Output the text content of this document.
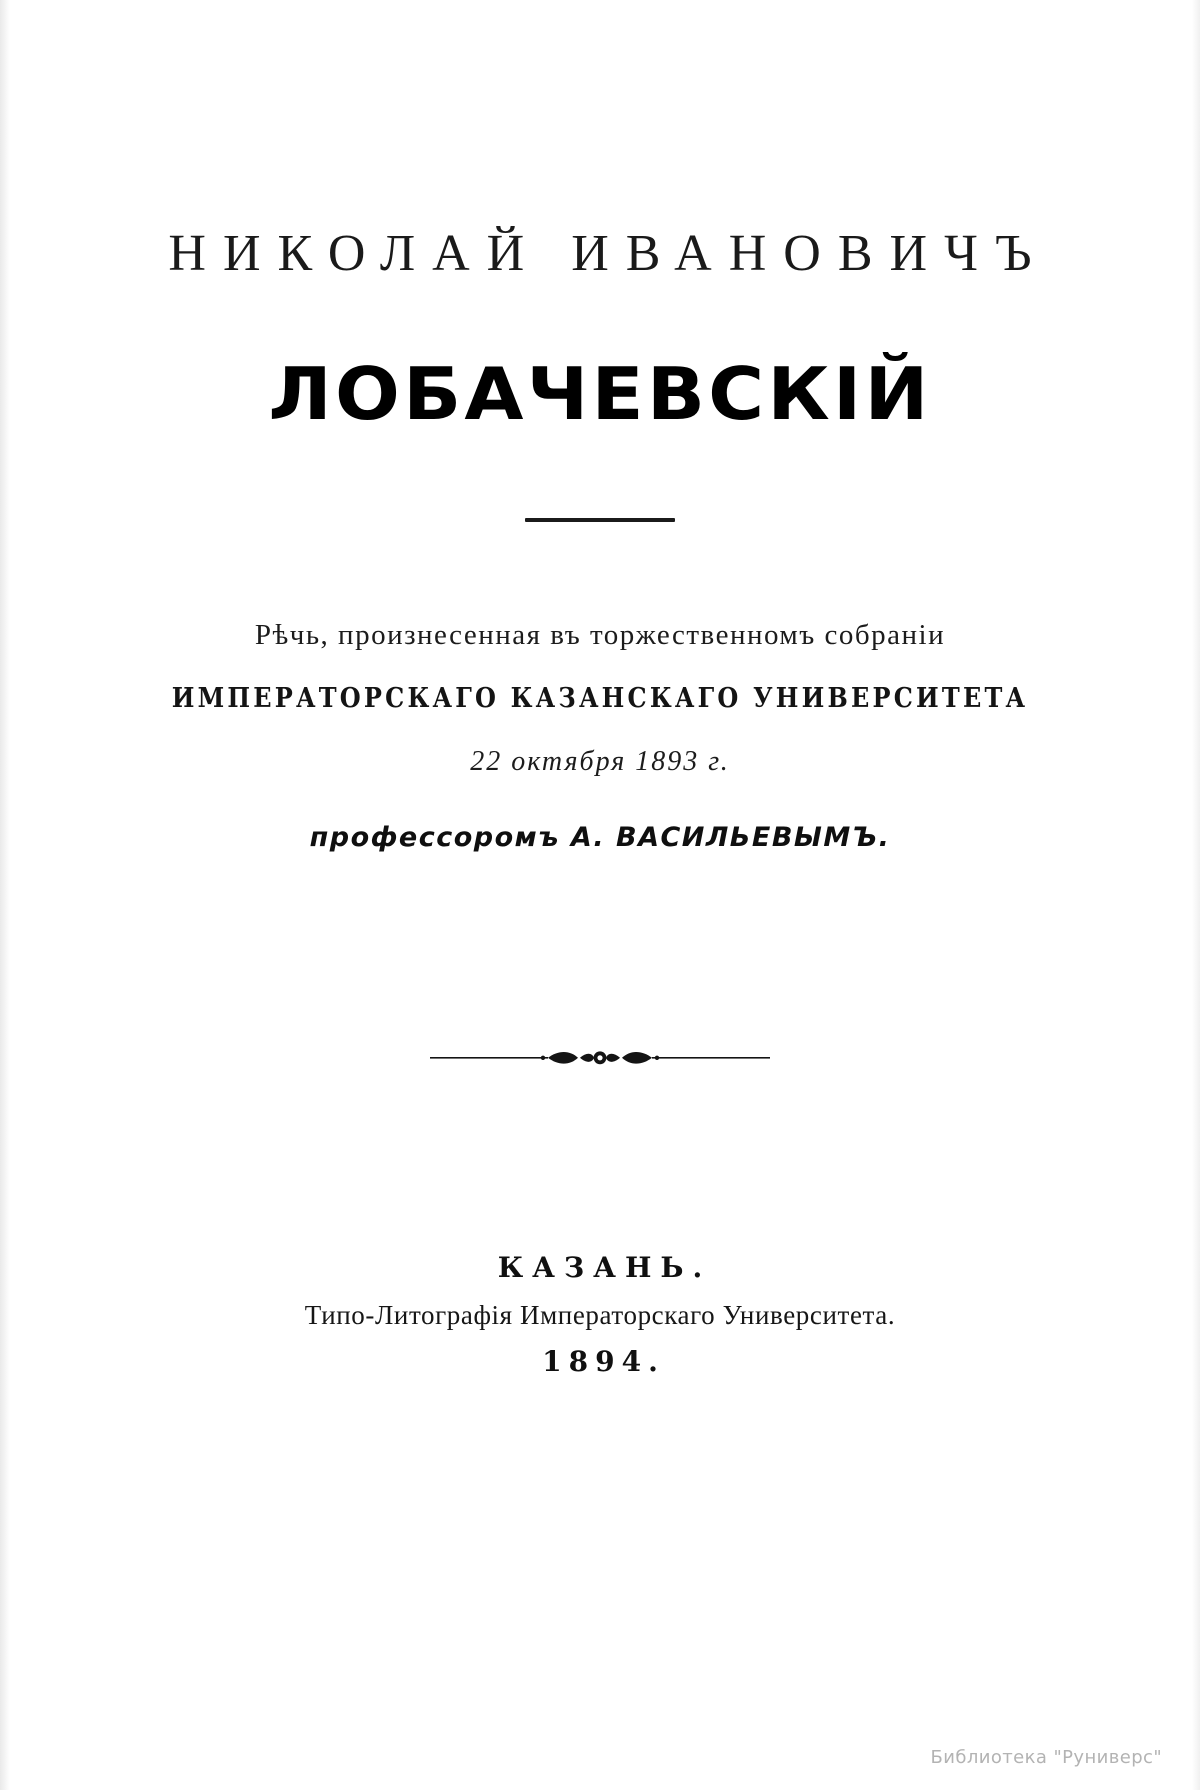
НИКОЛАЙ ИВАНОВИЧЪ
ЛОБАЧЕВСКІЙ
Рѣчь, произнесенная въ торжественномъ собраніи
ИМПЕРАТОРСКАГО КАЗАНСКАГО УНИВЕРСИТЕТА
22 октября 1893 г.
профессоромъ А. ВАСИЛЬЕВЫМЪ.
КАЗАНЬ.
Типо-Литографія Императорскаго Университета.
1894.
Библиотека "Руниверс"
